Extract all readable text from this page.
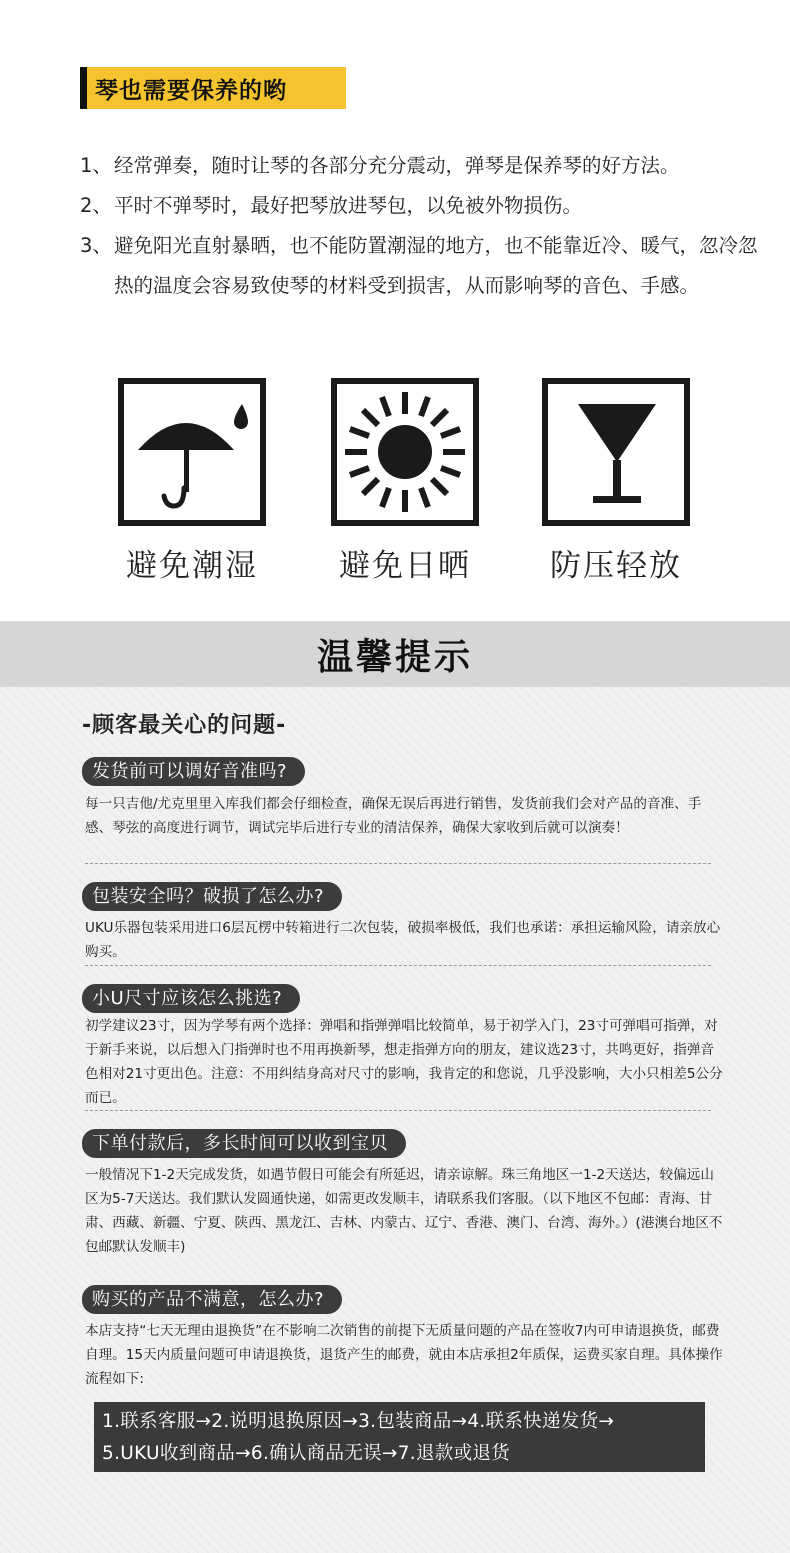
琴也需要保养的哟
1、 经常弹奏，随时让琴的各部分充分震动，弹琴是保养琴的好方法。
2、 平时不弹琴时，最好把琴放进琴包，以免被外物损伤。
3、 避免阳光直射暴晒，也不能防置潮湿的地方，也不能靠近冷、暖气，忽冷忽热的温度会容易致使琴的材料受到损害，从而影响琴的音色、手感。
避免潮湿	避免日晒	防压轻放
温馨提示
-顾客最关心的问题-
发货前可以调好音准吗?
每一只吉他/尤克里里入库我们都会仔细检查，确保无误后再进行销售，发货前我们会对产品的音准、手感、琴弦的高度进行调节，调试完毕后进行专业的清洁保养，确保大家收到后就可以演奏！
包装安全吗？破损了怎么办?
UKU乐器包装采用进口6层瓦楞中转箱进行二次包装，破损率极低，我们也承诺：承担运输风险，请亲放心购买。
小U尺寸应该怎么挑选?
初学建议23寸，因为学琴有两个选择：弹唱和指弹弹唱比较简单，易于初学入门，23寸可弹唱可指弹，对于新手来说，以后想入门指弹时也不用再换新琴，想走指弹方向的朋友，建议选23寸，共鸣更好，指弹音色相对21寸更出色。注意：不用纠结身高对尺寸的影响，我肯定的和您说，几乎没影响，大小只相差5公分而已。
下单付款后，多长时间可以收到宝贝
一般情况下1-2天完成发货，如遇节假日可能会有所延迟，请亲谅解。珠三角地区一1-2天送达，较偏远山区为5-7天送达。我们默认发圆通快递，如需更改发顺丰，请联系我们客服。（以下地区不包邮：青海、甘肃、西藏、新疆、宁夏、陕西、黑龙江、吉林、内蒙古、辽宁、香港、澳门、台湾、海外。）(港澳台地区不包邮默认发顺丰)
购买的产品不满意，怎么办?
本店支持“七天无理由退换货”在不影响二次销售的前提下无质量问题的产品在签收7内可申请退换货，邮费自理。15天内质量问题可申请退换货，退货产生的邮费，就由本店承担2年质保，运费买家自理。具体操作流程如下:
1.联系客服→2.说明退换原因→3.包装商品→4.联系快递发货→
5.UKU收到商品→6.确认商品无误→7.退款或退货
